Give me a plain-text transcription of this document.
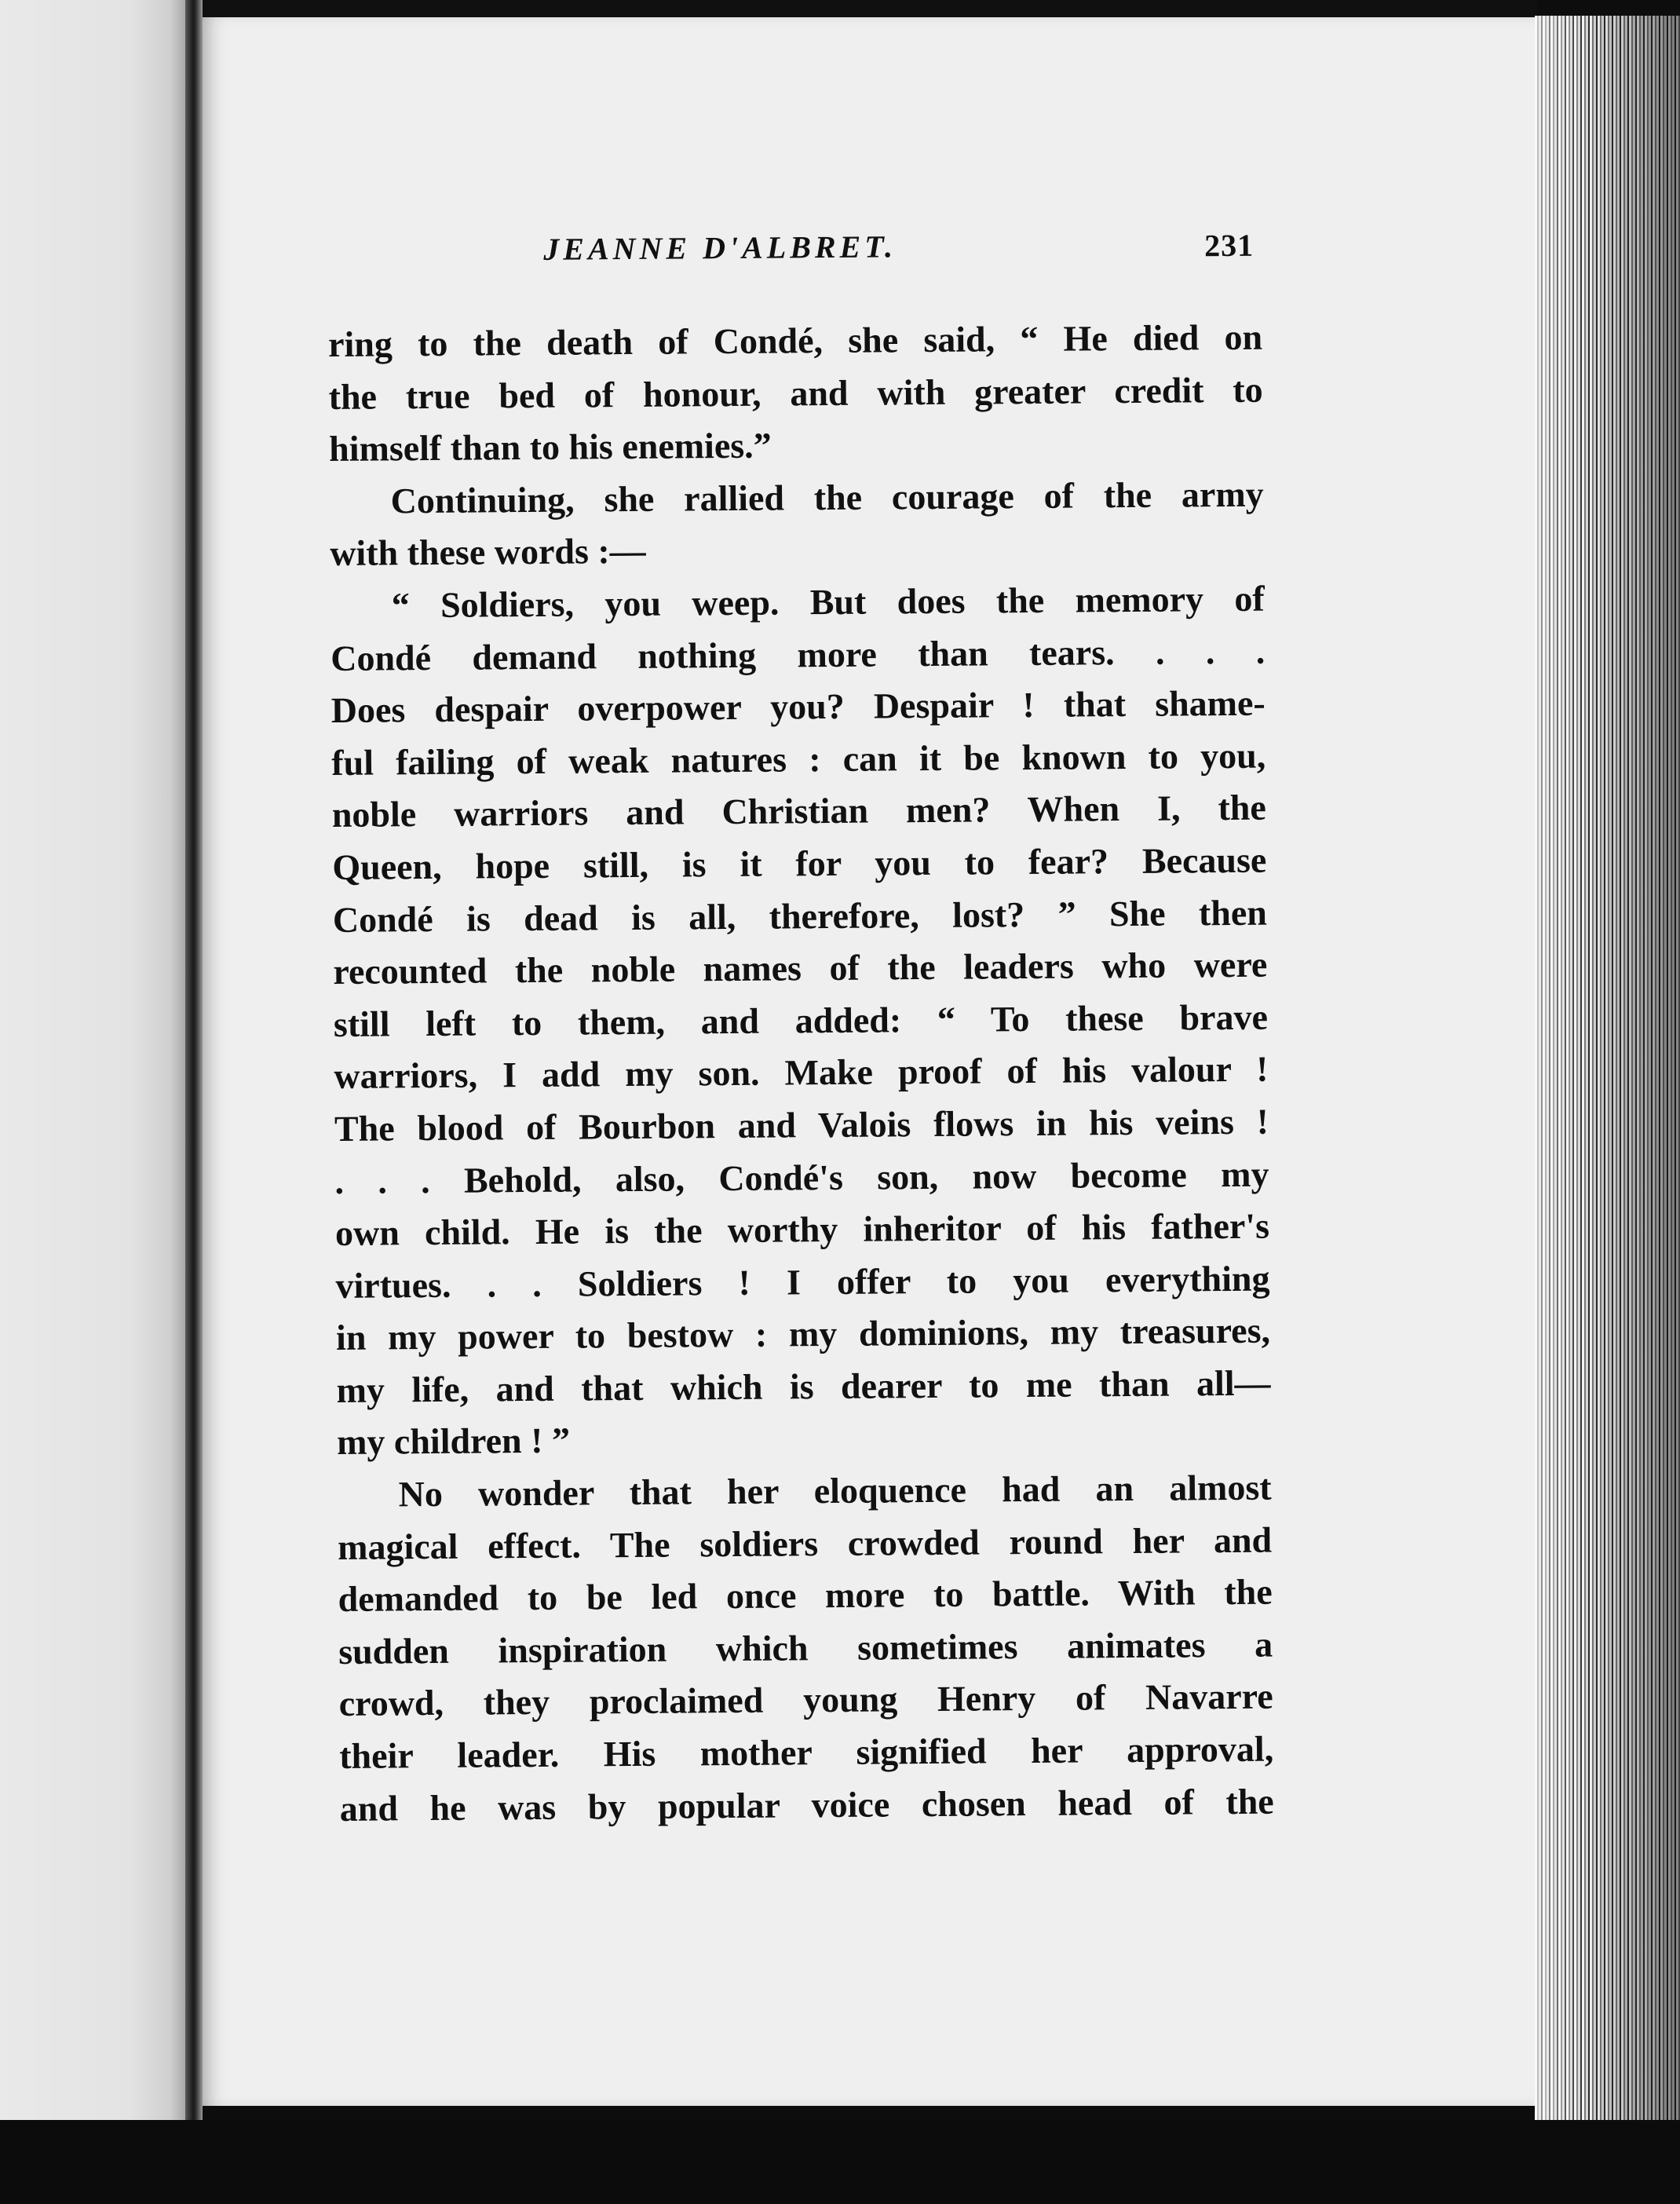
JEANNE D'ALBRET.	231
ring to the death of Condé, she said, “ He died on
the true bed of honour, and with greater credit to
himself than to his enemies.”
Continuing, she rallied the courage of the army
with these words :—
“ Soldiers, you weep. But does the memory of
Condé demand nothing more than tears. . . .
Does despair overpower you? Despair ! that shame-
ful failing of weak natures : can it be known to you,
noble warriors and Christian men? When I, the
Queen, hope still, is it for you to fear? Because
Condé is dead is all, therefore, lost? ” She then
recounted the noble names of the leaders who were
still left to them, and added: “ To these brave
warriors, I add my son. Make proof of his valour !
The blood of Bourbon and Valois flows in his veins !
. . . Behold, also, Condé's son, now become my
own child. He is the worthy inheritor of his father's
virtues. . . Soldiers ! I offer to you everything
in my power to bestow : my dominions, my treasures,
my life, and that which is dearer to me than all—
my children ! ”
No wonder that her eloquence had an almost
magical effect. The soldiers crowded round her and
demanded to be led once more to battle. With the
sudden inspiration which sometimes animates a
crowd, they proclaimed young Henry of Navarre
their leader. His mother signified her approval,
and he was by popular voice chosen head of the
